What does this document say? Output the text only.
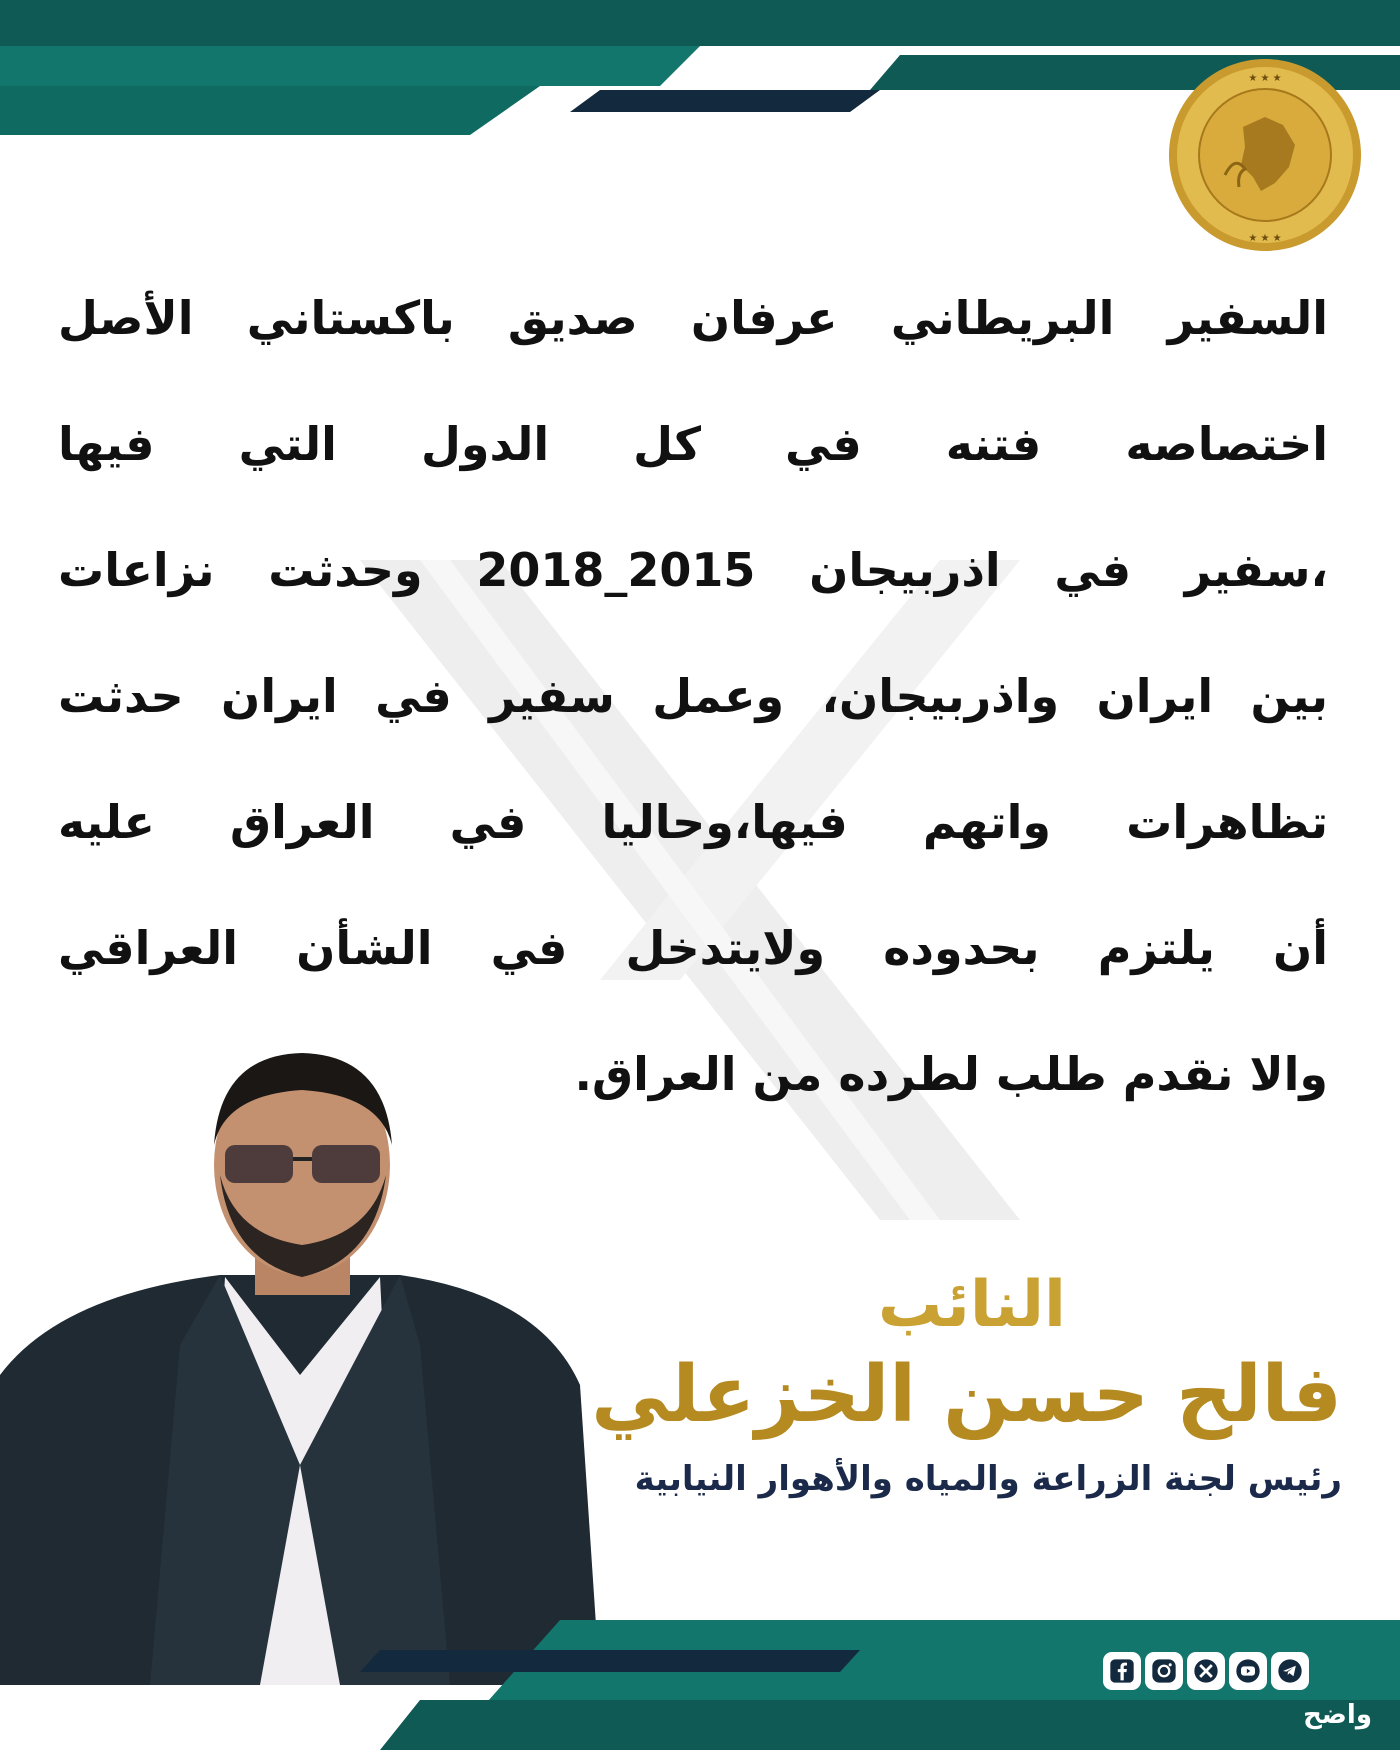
★ ★ ★
★ ★ ★
السفير البريطاني عرفان صديق باكستاني الأصل
اختصاصه فتنه في كل الدول التي فيها
،سفير في اذربيجان 2015_2018 وحدثت نزاعات
بين ايران واذربيجان، وعمل سفير في ايران حدثت
تظاهرات واتهم فيها،وحاليا في العراق عليه
أن يلتزم بحدوده ولايتدخل في الشأن العراقي
والا نقدم طلب لطرده من العراق.
النائب
فالح حسن الخزعلي
رئيس لجنة الزراعة والمياه والأهوار النيابية
واضح
